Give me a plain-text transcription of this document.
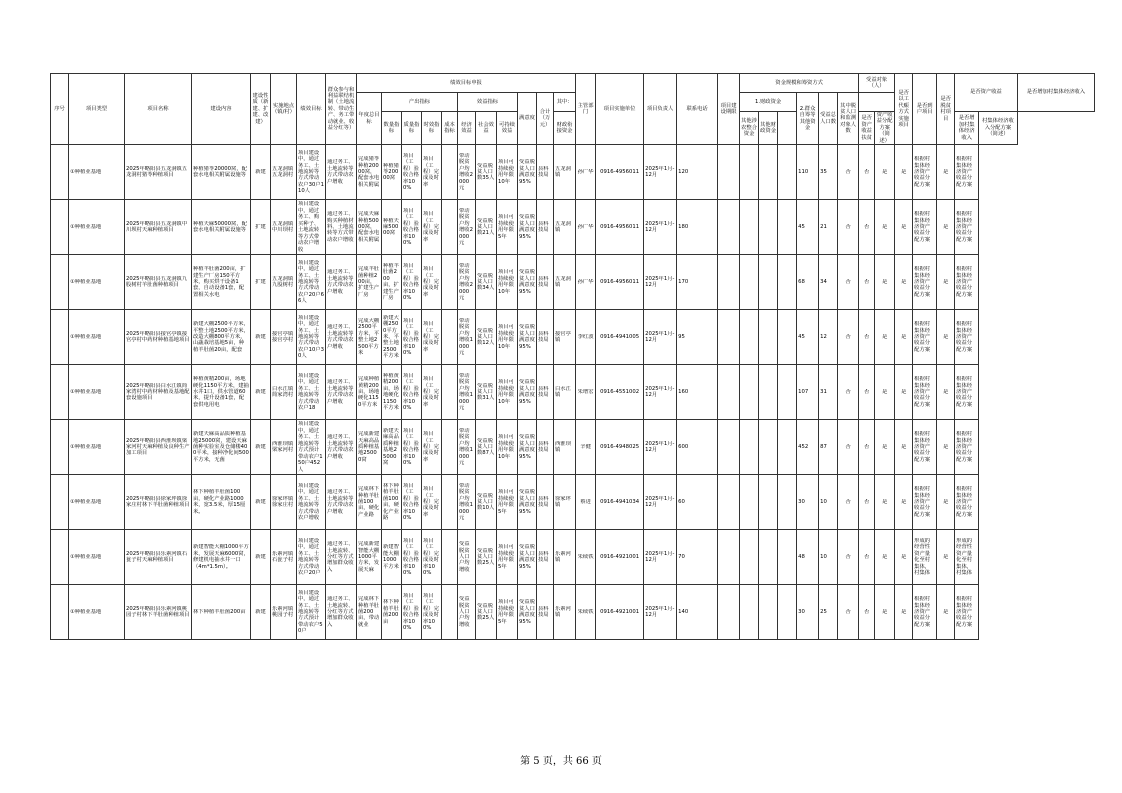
序号	项目类型	项目名称	建设内容	建设性质（新建、扩建、改建）	实施地点（镇/村）	绩效目标	群众参与和利益联结机制（土地流转、带动生产、务工带动就业、收益分红等）	绩效目标申报											主管部门	项目实施单位	项目负责人	联系电话	项目建设期限	资金规模和筹资方式						受益对象（人）		是否以工代赈方式实施项目	是否到户项目	是否脱贫村项目	是否资产收益		是否增加村集体经济收入
								年度总目标	产出指标				效益指标			满意度	合计（万元）	其中：						1.财政资金			2.群众自筹等其他资金	受益总人口数	其中脱贫人口和监测对象人数								
									数量指标	质量指标	时效指标	成本指标	经济效益	社会效益	可持续效益			财政衔接资金						其他涉农整合资金	其他财政资金					是否资产收益扶贫	资产收益分配方案（简述）				是否增加村集体经济收入	村集体经济收入分配方案（简述）	

	①种植业基地	2025年略阳县五龙洞镇五龙洞村猪苓种植项目	种植猪苓20000窝，配套水电相关附属设施等	新建	五龙洞镇五龙洞村	项目建设中，通过务工、土地流转等方式带动农户30户110人	通过务工、土地流转等方式带动农户增收	完成猪苓种植20000窝，配套水电相关附属	种植猪苓20000窝	项目（工程）验收合格率100%	项目（工程）完成及时率		带动脱贫户均增收2000元	受益脱贫人口数35人	项目可持续使用年限10年	受益脱贫人口满意度95%	县科技局	五龙洞镇	孙广华	0916-4956011	2025年1月-12月	120					110	35	否	否	是	是	根据村集体经济资产收益分配方案	是	根据村集体经济资产收益分配方案		

	①种植业基地	2025年略阳县五龙洞镇中川坝村天麻种植项目	种植天麻50000窝，配套水电相关附属设施等	扩建	五龙洞镇中川坝村	项目建设中，通过务工、购买种子、土地流转等方式带动农户增收	通过务工、购买种植材料、土地流转等方式带动农户增收	完成天麻种植50000窝，配套水电相关附属	种植天麻50000窝	项目（工程）验收合格率100%	项目（工程）完成及时率		带动脱贫户均增收2000元	受益脱贫人口数21人	项目可持续使用年限5年	受益脱贫人口满意度95%	县科技局	五龙洞镇	孙广华	0916-4956011	2025年1月-12月	180					45	21	否	否	是	是	根据村集体经济资产收益分配方案	是	根据村集体经济资产收益分配方案		

	①种植业基地	2025年略阳县五龙洞镇九股树村羊肚菌种植项目	种植羊肚菌200亩，扩建生产厂房150平方米，购买烘干设备1套，自动设备1套，配置相关水电	扩建	五龙洞镇九股树村	项目建设中，通过务工、土地流转等方式带动农户20户66人	通过务工、土地流转等方式带动农户增收	完成羊肚菌种植200亩，扩建生产厂房	种植羊肚菌200亩，扩建生产厂房	项目（工程）验收合格率100%	项目（工程）完成及时率		带动脱贫户均增收2000元	受益脱贫人口数34人	项目可持续使用年限10年	受益脱贫人口满意度95%	县科技局	五龙洞镇	孙广华	0916-4956011	2025年1月-12月	170					68	34	否	否	是	是	根据村集体经济资产收益分配方案	是	根据村集体经济资产收益分配方案		

	①种植业基地	2025年略阳县接官亭镇接官亭村中药材种植基地项目	新建大棚2500平方米，平整土地2500平方米，改造大棚800平方米，山蔬栽培基地5亩，种植羊肚菌20亩，配套	新建	接官亭镇接官亭村	项目建设中，通过务工、土地流转等方式带动农户10户30人	通过务工、土地流转等方式带动农户增收	完成大棚2500平方米，平整土地2500平方米	新建大棚2500平方米，平整土地2500平方米	项目（工程）验收合格率100%	项目（工程）完成及时率		带动脱贫户均增收1000元	受益脱贫人口数12人	项目可持续使用年限10年	受益脱贫人口满意度95%	县科技局	接官亭镇	李红波	0916-4941005	2025年1月-12月	95					45	12	否	否	是	是	根据村集体经济资产收益分配方案	是	根据村集体经济资产收益分配方案		

	①种植业基地	2025年略阳县白水江镇简家湾村中药材种植及基地配套设施项目	种植黄精200亩，场地硬化1150平方米，建抽水井1口，供水管道60米，提升设备1套，配套供电用电	新建	白水江镇简家湾村	项目建设中，通过务工、土地流转等方式带动农户18	通过务工、土地流转等方式带动农户增收	完成种植黄精200亩，场地硬化1150平方米	种植黄精200亩，场地硬化1150平方米	项目（工程）验收合格率100%	项目（工程）完成及时率		带动脱贫户均增收1000元	受益脱贫人口数31人	项目可持续使用年限10年	受益脱贫人口满意度95%	县科技局	白水江镇	朱增宏	0916-4551002	2025年1月-12月	160					107	31	否	否	是	是	根据村集体经济资产收益分配方案	是	根据村集体经济资产收益分配方案		

	①种植业基地	2025年略阳县西淮坝镇梁家河村天麻种植及良种生产加工项目	新建天麻高品质种植基地25000窝，建设天麻菌种实验室及仓储楼400平米，接种净化间500平方米，无菌	新建	西淮坝镇梁家河村	项目建设中，通过务工、土地流转等方式预计带动农户150户452人	通过务工、土地流转等方式带动农户增收	完成新建天麻高品质种植基地25000窝	新建天麻高品质种植基地25000窝	项目（工程）验收合格率100%	项目（工程）完成及时率		带动脱贫户均增收1000元	受益脱贫人口数87人	项目可持续使用年限10年	受益脱贫人口满意度95%	县科技局	西淮坝镇	辛健	0916-4948025	2025年1月-12月	600					452	87	否	否	是	是	根据村集体经济资产收益分配方案	是	根据村集体经济资产收益分配方案		

	①种植业基地	2025年略阳县徐家坪镇徐家庄村林下羊肚菌种植项目	林下种植羊肚菌100亩，硬化产业路1000米，宽3.5米，厚15厘米。	新建	徐家坪镇徐家庄村	项目建设中，通过务工、土地流转等方式带动农户增收	通过务工、土地流转等方式带动农户增收	完成林下种植羊肚菌100亩，硬化产业路	林下种植羊肚菌100亩，硬化产业路	项目（工程）验收合格率100%	项目（工程）完成及时率		带动脱贫户均增收1000元	受益脱贫人口数10人	项目可持续使用年限5年	受益脱贫人口满意度95%	县科技局	徐家坪镇	蔡进	0916-4941034	2025年1月-12月	60					30	10	否	否	是	是	根据村集体经济资产收益分配方案	是	根据村集体经济资产收益分配方案		

	①种植业基地	2025年略阳县乐素河镇石瓮子村天麻种植项目	新建智能大棚1000平方米，发展天麻6000窝，修建机电抽水井一口（4m*1.5m）。	新建	乐素河镇石瓮子村	项目建设中，通过务工、土地流转等方式带动农户20户	通过务工、土地流转、分红等方式增加群众收入	完成新建智能大棚1000平方米，发展天麻	新建智能大棚1000平方米	项目（工程）验收合格率100%	项目（工程）完成及时率100%		受益脱贫人口户均增收	受益脱贫人口数25人	项目可持续使用年限5年	受益脱贫人口满意度95%	县科技局	乐素河镇	朱续铁	0916-4921001	2025年1月-12月	70					48	10	否	否	是	是	形成的经营性资产量化至村集体，村集体	是	形成的经营性资产量化至村集体，村集体		

	①种植业基地	2025年略阳县乐素河镇桃园子村林下羊肚菌种植项目	林下种植羊肚菌200亩	新建	乐素河镇桃园子村	项目建设中，通过务工、土地流转等方式预计带动农户50户	通过务工、土地流转、分红等方式增加群众收入	完成林下种植羊肚菌200亩，带动就业	林下种植羊肚菌200亩	项目（工程）验收合格率100%	项目（工程）完成及时率100%		受益脱贫人口户均增收	受益脱贫人口数25人	项目可持续使用年限5年	受益脱贫人口满意度95%	县科技局	乐素河镇	朱续铁	0916-4921001	2025年1月-12月	140					30	25	否	否	是	是	根据村集体经济资产收益分配方案	是	根据村集体经济资产收益分配方案		
第 5 页，共 66 页
